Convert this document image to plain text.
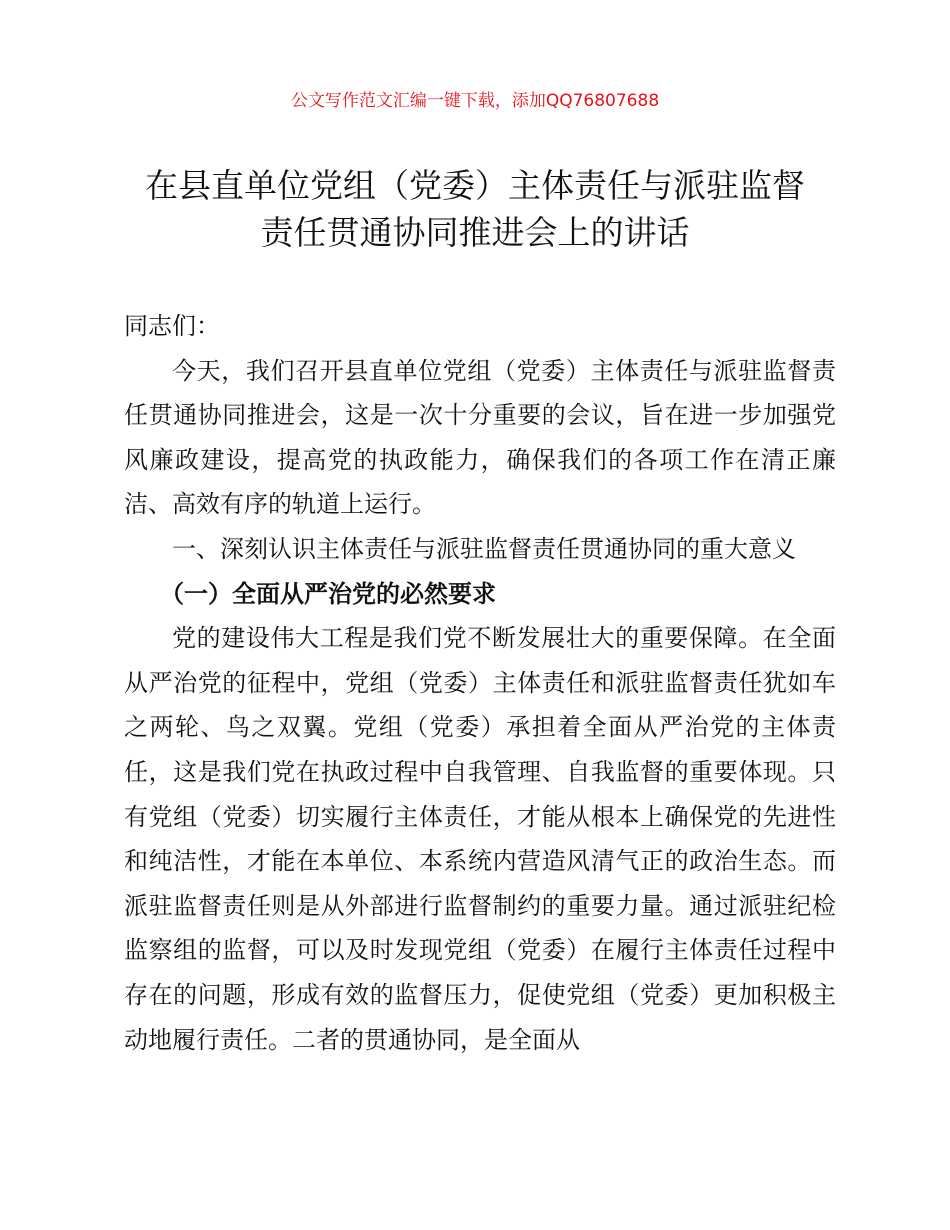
公文写作范文汇编一键下载，添加QQ76807688
在县直单位党组（党委）主体责任与派驻监督
责任贯通协同推进会上的讲话

同志们：

今天，我们召开县直单位党组（党委）主体责任与派驻监督责任贯通协同推进会，这是一次十分重要的会议，旨在进一步加强党风廉政建设，提高党的执政能力，确保我们的各项工作在清正廉洁、高效有序的轨道上运行。

一、深刻认识主体责任与派驻监督责任贯通协同的重大意义

（一）全面从严治党的必然要求

党的建设伟大工程是我们党不断发展壮大的重要保障。在全面从严治党的征程中，党组（党委）主体责任和派驻监督责任犹如车之两轮、鸟之双翼。党组（党委）承担着全面从严治党的主体责任，这是我们党在执政过程中自我管理、自我监督的重要体现。只有党组（党委）切实履行主体责任，才能从根本上确保党的先进性和纯洁性，才能在本单位、本系统内营造风清气正的政治生态。而派驻监督责任则是从外部进行监督制约的重要力量。通过派驻纪检监察组的监督，可以及时发现党组（党委）在履行主体责任过程中存在的问题，形成有效的监督压力，促使党组（党委）更加积极主动地履行责任。二者的贯通协同，是全面从
